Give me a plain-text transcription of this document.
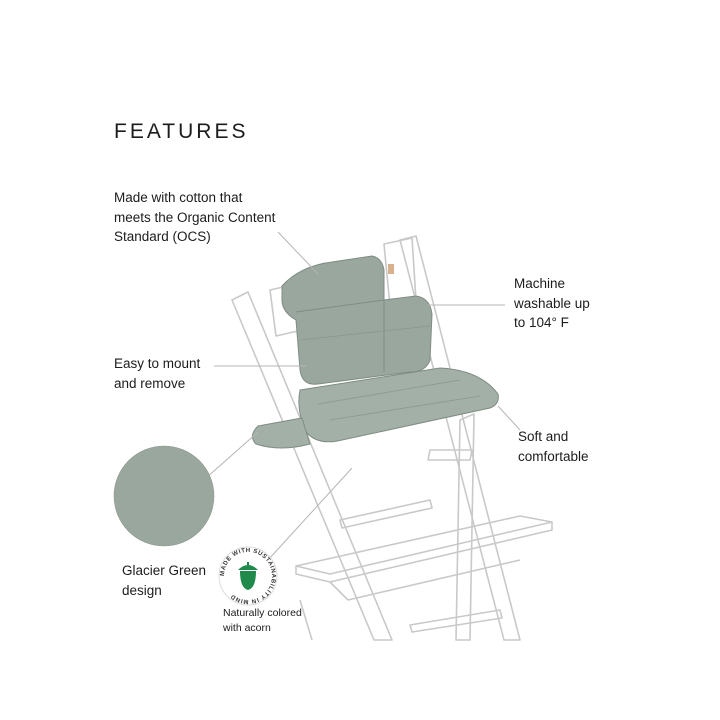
FEATURES
MADE WITH SUSTAINABILITY IN MIND

Made with cotton that
meets the Organic Content
Standard (OCS)

Machine
washable up
to 104° F

Easy to mount
and remove

Soft and
comfortable

Glacier Green
design

Naturally colored
with acorn
